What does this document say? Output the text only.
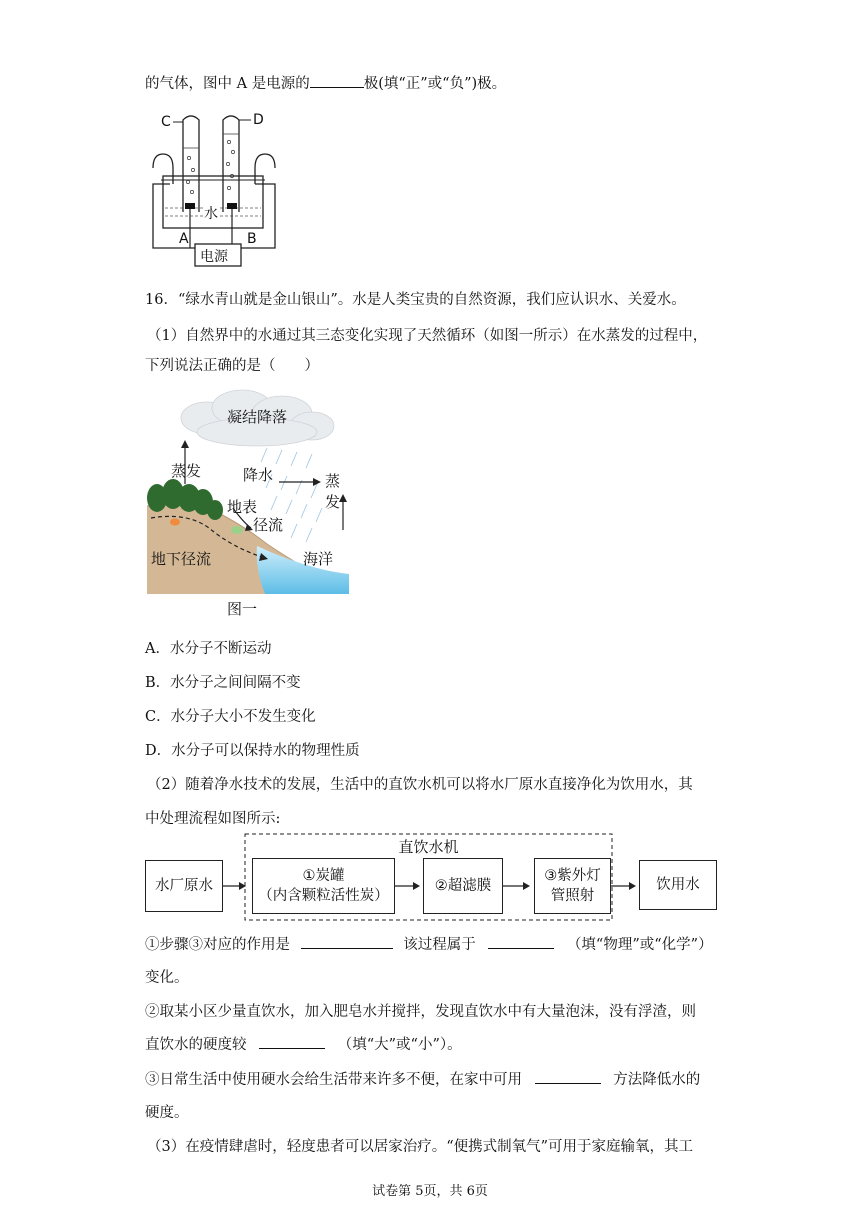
的气体，图中 A 是电源的	极(填“正”或“负”)极。
C	D
水
A	B
电源
16．“绿水青山就是金山银山”。水是人类宝贵的自然资源，我们应认识水、关爱水。
（1）自然界中的水通过其三态变化实现了天然循环（如图一所示）在水蒸发的过程中，
下列说法正确的是（　　）
凝结降落
蒸发	降水	蒸发
地表
径流
地下径流	海洋
图一
A．水分子不断运动
B．水分子之间间隔不变
C．水分子大小不发生变化
D．水分子可以保持水的物理性质
（2）随着净水技术的发展，生活中的直饮水机可以将水厂原水直接净化为饮用水，其
中处理流程如图所示:
直饮水机
水厂原水
①炭罐
（内含颗粒活性炭）
②超滤膜
③紫外灯
管照射
饮用水
①步骤③对应的作用是	该过程属于	（填“物理”或“化学”）
变化。
②取某小区少量直饮水，加入肥皂水并搅拌，发现直饮水中有大量泡沫，没有浮渣，则
直饮水的硬度较	（填“大”或“小”）。
③日常生活中使用硬水会给生活带来许多不便，在家中可用	方法降低水的
硬度。
（3）在疫情肆虐时，轻度患者可以居家治疗。“便携式制氧气”可用于家庭输氧，其工
试卷第 5页，共 6页
